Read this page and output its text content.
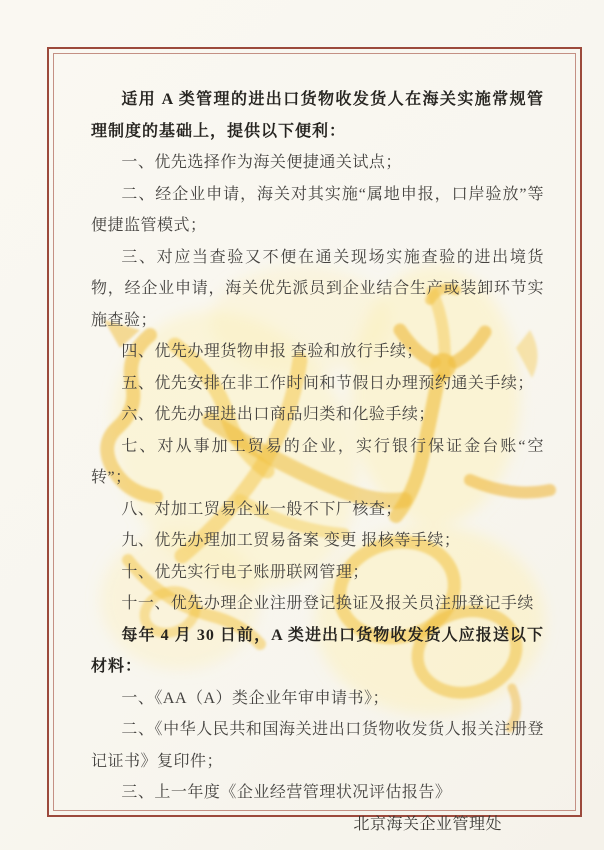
适用 A 类管理的进出口货物收发货人在海关实施常规管理制度的基础上，提供以下便利：

一、优先选择作为海关便捷通关试点；

二、经企业申请，海关对其实施“属地申报，口岸验放”等便捷监管模式；

三、对应当查验又不便在通关现场实施查验的进出境货物，经企业申请，海关优先派员到企业结合生产或装卸环节实施查验；

四、优先办理货物申报 查验和放行手续；

五、优先安排在非工作时间和节假日办理预约通关手续；

六、优先办理进出口商品归类和化验手续；

七、对从事加工贸易的企业，实行银行保证金台账“空转”；

八、对加工贸易企业一般不下厂核查；

九、优先办理加工贸易备案 变更 报核等手续；

十、优先实行电子账册联网管理；

十一、优先办理企业注册登记换证及报关员注册登记手续

每年 4 月 30 日前，A 类进出口货物收发货人应报送以下材料：

一、《AA（A）类企业年审申请书》；

二、《中华人民共和国海关进出口货物收发货人报关注册登记证书》复印件；

三、上一年度《企业经营管理状况评估报告》

北京海关企业管理处
